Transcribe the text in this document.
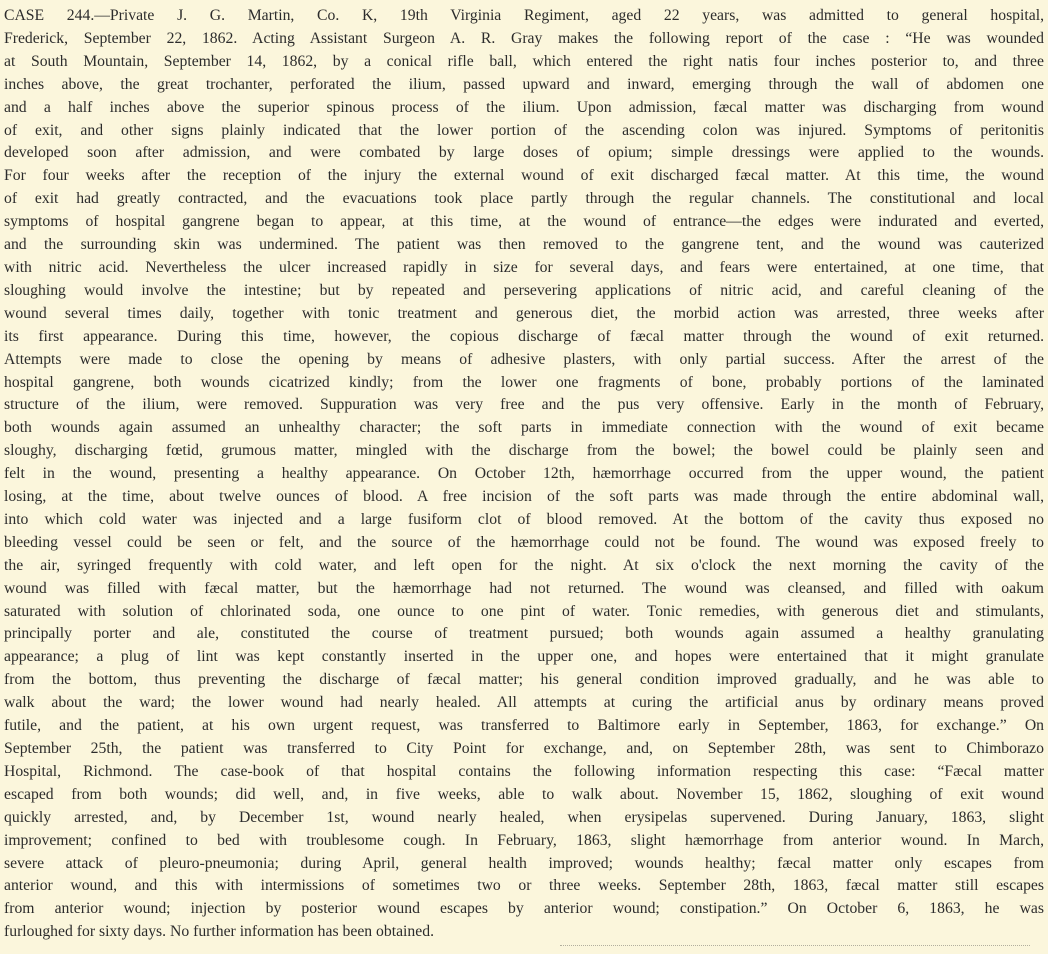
CASE 244.—Private J. G. Martin, Co. K, 19th Virginia Regiment, aged 22 years, was admitted to general hospital,
Frederick, September 22, 1862. Acting Assistant Surgeon A. R. Gray makes the following report of the case : “He was wounded
at South Mountain, September 14, 1862, by a conical rifle ball, which entered the right natis four inches posterior to, and three
inches above, the great trochanter, perforated the ilium, passed upward and inward, emerging through the wall of abdomen one
and a half inches above the superior spinous process of the ilium. Upon admission, fæcal matter was discharging from wound
of exit, and other signs plainly indicated that the lower portion of the ascending colon was injured. Symptoms of peritonitis
developed soon after admission, and were combated by large doses of opium; simple dressings were applied to the wounds.
For four weeks after the reception of the injury the external wound of exit discharged fæcal matter. At this time, the wound
of exit had greatly contracted, and the evacuations took place partly through the regular channels. The constitutional and local
symptoms of hospital gangrene began to appear, at this time, at the wound of entrance—the edges were indurated and everted,
and the surrounding skin was undermined. The patient was then removed to the gangrene tent, and the wound was cauterized
with nitric acid. Nevertheless the ulcer increased rapidly in size for several days, and fears were entertained, at one time, that
sloughing would involve the intestine; but by repeated and persevering applications of nitric acid, and careful cleaning of the
wound several times daily, together with tonic treatment and generous diet, the morbid action was arrested, three weeks after
its first appearance. During this time, however, the copious discharge of fæcal matter through the wound of exit returned.
Attempts were made to close the opening by means of adhesive plasters, with only partial success. After the arrest of the
hospital gangrene, both wounds cicatrized kindly; from the lower one fragments of bone, probably portions of the laminated
structure of the ilium, were removed. Suppuration was very free and the pus very offensive. Early in the month of February,
both wounds again assumed an unhealthy character; the soft parts in immediate connection with the wound of exit became
sloughy, discharging fœtid, grumous matter, mingled with the discharge from the bowel; the bowel could be plainly seen and
felt in the wound, presenting a healthy appearance. On October 12th, hæmorrhage occurred from the upper wound, the patient
losing, at the time, about twelve ounces of blood. A free incision of the soft parts was made through the entire abdominal wall,
into which cold water was injected and a large fusiform clot of blood removed. At the bottom of the cavity thus exposed no
bleeding vessel could be seen or felt, and the source of the hæmorrhage could not be found. The wound was exposed freely to
the air, syringed frequently with cold water, and left open for the night. At six o'clock the next morning the cavity of the
wound was filled with fæcal matter, but the hæmorrhage had not returned. The wound was cleansed, and filled with oakum
saturated with solution of chlorinated soda, one ounce to one pint of water. Tonic remedies, with generous diet and stimulants,
principally porter and ale, constituted the course of treatment pursued; both wounds again assumed a healthy granulating
appearance; a plug of lint was kept constantly inserted in the upper one, and hopes were entertained that it might granulate
from the bottom, thus preventing the discharge of fæcal matter; his general condition improved gradually, and he was able to
walk about the ward; the lower wound had nearly healed. All attempts at curing the artificial anus by ordinary means proved
futile, and the patient, at his own urgent request, was transferred to Baltimore early in September, 1863, for exchange.” On
September 25th, the patient was transferred to City Point for exchange, and, on September 28th, was sent to Chimborazo
Hospital, Richmond. The case-book of that hospital contains the following information respecting this case: “Fæcal matter
escaped from both wounds; did well, and, in five weeks, able to walk about. November 15, 1862, sloughing of exit wound
quickly arrested, and, by December 1st, wound nearly healed, when erysipelas supervened. During January, 1863, slight
improvement; confined to bed with troublesome cough. In February, 1863, slight hæmorrhage from anterior wound. In March,
severe attack of pleuro-pneumonia; during April, general health improved; wounds healthy; fæcal matter only escapes from
anterior wound, and this with intermissions of sometimes two or three weeks. September 28th, 1863, fæcal matter still escapes
from anterior wound; injection by posterior wound escapes by anterior wound; constipation.” On October 6, 1863, he was
furloughed for sixty days. No further information has been obtained.
